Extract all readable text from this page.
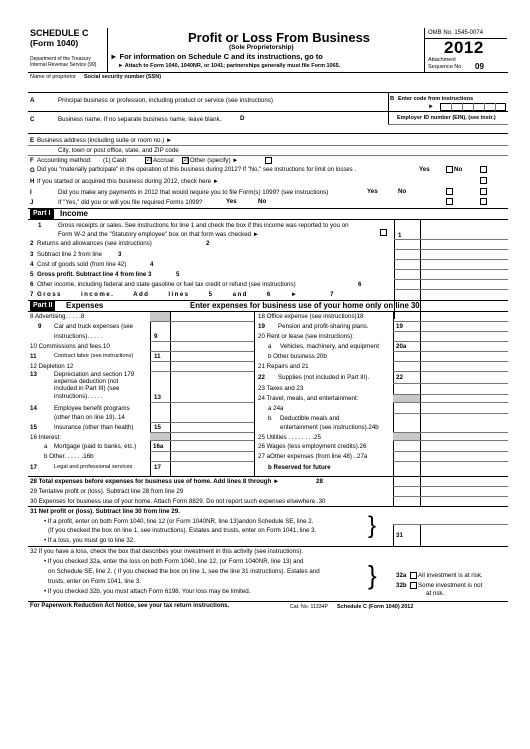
SCHEDULE C
(Form 1040)
Department of the Treasury
Internal Revenue Service (99)
Profit or Loss From Business
(Sole Proprietorship)
► For information on Schedule C and its instructions, go to
► Attach to Form 1040, 1040NR, or 1041; partnerships generally must file Form 1065.
OMB No. 1545-0074
2012
Attachment
Sequence No. 09
Name of proprietor Social security number (SSN)
A	Principal business or profession, including product or service (see instructions)	B Enter code from instructions
►
C	Business name. If no separate business name, leave blank.	D	Employer ID number (EIN), (see instr.)
E Business address (including suite or room no.) ►
City, town or post office, state, and ZIP code
F Accounting method: (1) Cash	(2) Accrual (3) Other (specify) ►
G Did you "materially participate" in the operation of this business during 2012? If "No," see instructions for limit on losses .	Yes	No
H If you started or acquired this business during 2012, check here ►
I	Did you make any payments in 2012 that would require you to file Form(s) 1099? (see instructions)	Yes	No
J	If "Yes," did you or will you file required Forms 1099?	Yes	No
Part I	Income
1	Gross receipts or sales. See instructions for line 1 and check the box if this income was reported to you on
Form W-2 and the "Statutory employee" box on that form was checked ►	1
2 Returns and allowances (see instructions)	2
3 Subtract line 2 from line	3
4 Cost of goods sold (from line 42)	4
5 Gross profit. Subtract line 4 from line 3	5
6 Other income, including federal and state gasoline or fuel tax credit or refund (see instructions)	6
7 Gross income. Add lines 5 and 6 ►	7
Part II	Expenses	Enter expenses for business use of your home only on line 30.
8 Advertising. . . . .8
9 Car and truck expenses (see
instructions). . . . .	9
10 Commissions and fees.10
11	Contract labor (see instructions)	11
12 Depletion 12
13	Depreciation and section 179
expense deduction (not
included in Part III) (see
instructions). . . . .	13
14	Employee benefit programs
(other than on line 19)..14
15	Insurance (other than health)	15
16 Interest:
a Mortgage (paid to banks, etc.)	16a
b Other. . . . . .16b
17	Legal and professional services	17
18 Office expense (see instructions)18
19 Pension and profit-sharing plans.	19
20 Rent or lease (see instructions):
a Vehicles, machinery, and equipment	20a
b Other business 20b
21 Repairs and 21
22 Supplies (not included in Part III).	22
23 Taxes and 23
24 Travel, meals, and entertainment:
a 24a
b Deductible meals and
entertainment (see instructions).24b
25 Utilities . . . . . . . .25
26 Wages (less employment credits).26
27 aOther expenses (from line 48) ..27a
b Reserved for future
28 Total expenses before expenses for business use of home. Add lines 8 through ►	28
29 Tentative profit or (loss). Subtract line 28 from line 29
30 Expenses for business use of your home. Attach Form 8829. Do not report such expenses elsewhere..30
31 Net profit or (loss). Subtract line 30 from line 29.
• If a profit, enter on both Form 1040, line 12 (or Form 1040NR, line 13)andon Schedule SE, line 2.
(If you checked the box on line 1, see instructions). Estates and trusts, enter on Form 1041, line 3.
• If a loss, you must go to line 32.
}	31
32 If you have a loss, check the box that describes your investment in this activity (see instructions).
• If you checked 32a, enter the loss on both Form 1040, line 12, (or Form 1040NR, line 13) and
on Schedule SE, line 2. ( If you checked the box on line 1, see the line 31 instructions). Estates and
trusts, enter on Form 1041, line 3.
• If you checked 32b, you must attach Form 6198. Your loss may be limited.
}	32a All investment is at risk.
32b Some investment is not
at risk.
For Paperwork Reduction Act Notice, see your tax return instructions.	Cat. No. 11334P Schedule C (Form 1040) 2012
